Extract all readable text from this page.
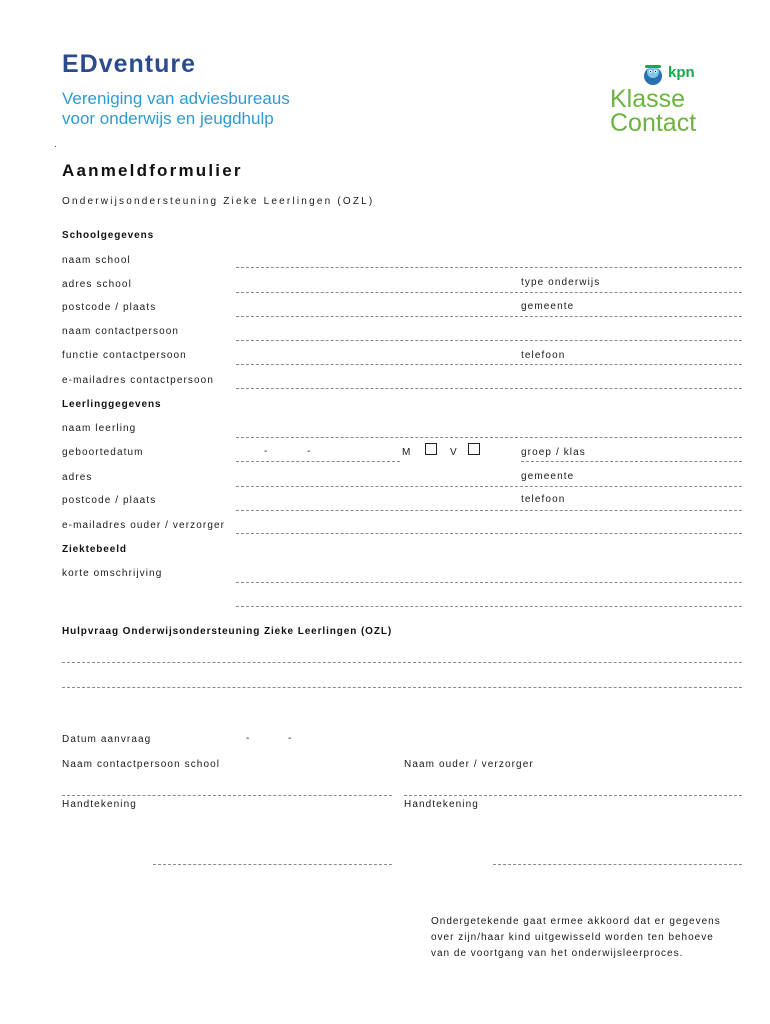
EDventure
Vereniging van adviesbureaus
voor onderwijs en jeugdhulp
kpn
Klasse
Contact
Aanmeldformulier
Onderwijsondersteuning Zieke Leerlingen (OZL)
Schoolgegevens
naam school
adres school	type onderwijs
postcode / plaats	gemeente
naam contactpersoon
functie contactpersoon	telefoon
e-mailadres contactpersoon
Leerlinggegevens
naam leerling
geboortedatum	-	-	M	V	groep / klas
adres	gemeente
postcode / plaats	telefoon
e-mailadres ouder / verzorger
Ziektebeeld
korte omschrijving
Hulpvraag Onderwijsondersteuning Zieke Leerlingen (OZL)
Datum aanvraag	-	-
Naam contactpersoon school	Naam ouder / verzorger
Handtekening	Handtekening
Ondergetekende gaat ermee akkoord dat er gegevens
over zijn/haar kind uitgewisseld worden ten behoeve
van de voortgang van het onderwijsleerproces.
